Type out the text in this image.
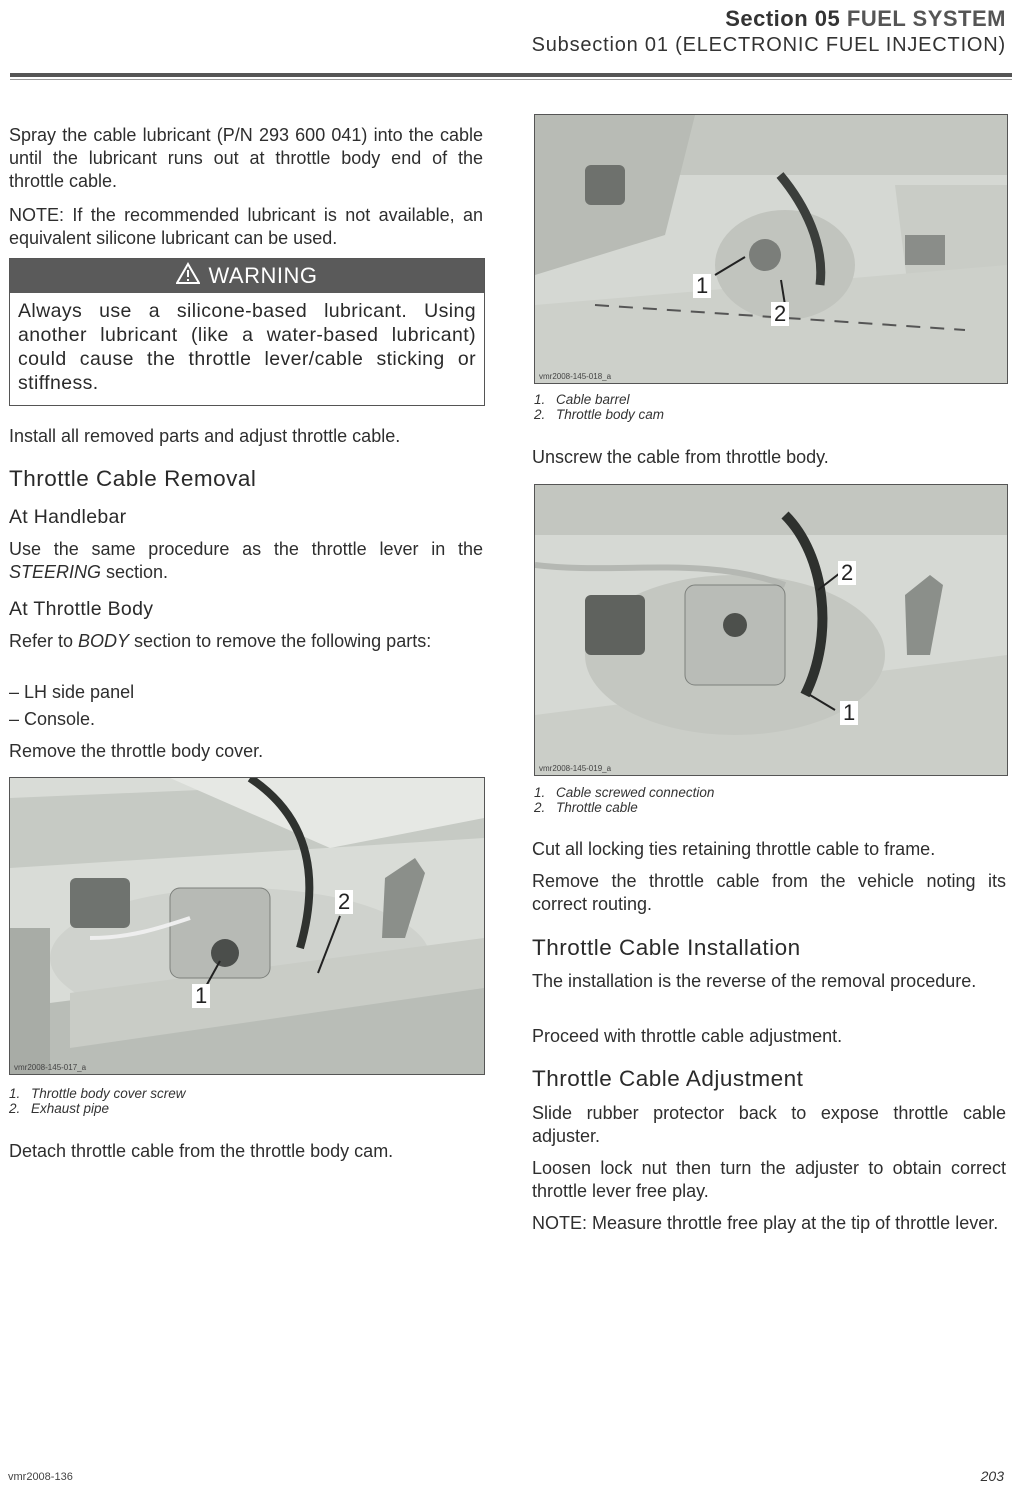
Section 05 FUEL SYSTEM
Subsection 01 (ELECTRONIC FUEL INJECTION)
Spray the cable lubricant (P/N 293 600 041) into the cable until the lubricant runs out at throttle body end of the throttle cable.
NOTE: If the recommended lubricant is not available, an equivalent silicone lubricant can be used.
WARNING
Always use a silicone-based lubricant. Using another lubricant (like a water-based lubricant) could cause the throttle lever/cable sticking or stiffness.
Install all removed parts and adjust throttle cable.
Throttle Cable Removal
At Handlebar
Use the same procedure as the throttle lever in the STEERING section.
At Throttle Body
Refer to BODY section to remove the following parts:
– LH side panel
– Console.
Remove the throttle body cover.
1
2
vmr2008-145-017_a
1. Throttle body cover screw
2. Exhaust pipe
Detach throttle cable from the throttle body cam.
1
2
vmr2008-145-018_a
1. Cable barrel
2. Throttle body cam
Unscrew the cable from throttle body.
2
1
vmr2008-145-019_a
1. Cable screwed connection
2. Throttle cable
Cut all locking ties retaining throttle cable to frame.
Remove the throttle cable from the vehicle noting its correct routing.
Throttle Cable Installation
The installation is the reverse of the removal procedure.
Proceed with throttle cable adjustment.
Throttle Cable Adjustment
Slide rubber protector back to expose throttle cable adjuster.
Loosen lock nut then turn the adjuster to obtain correct throttle lever free play.
NOTE: Measure throttle free play at the tip of throttle lever.
vmr2008-136	203
